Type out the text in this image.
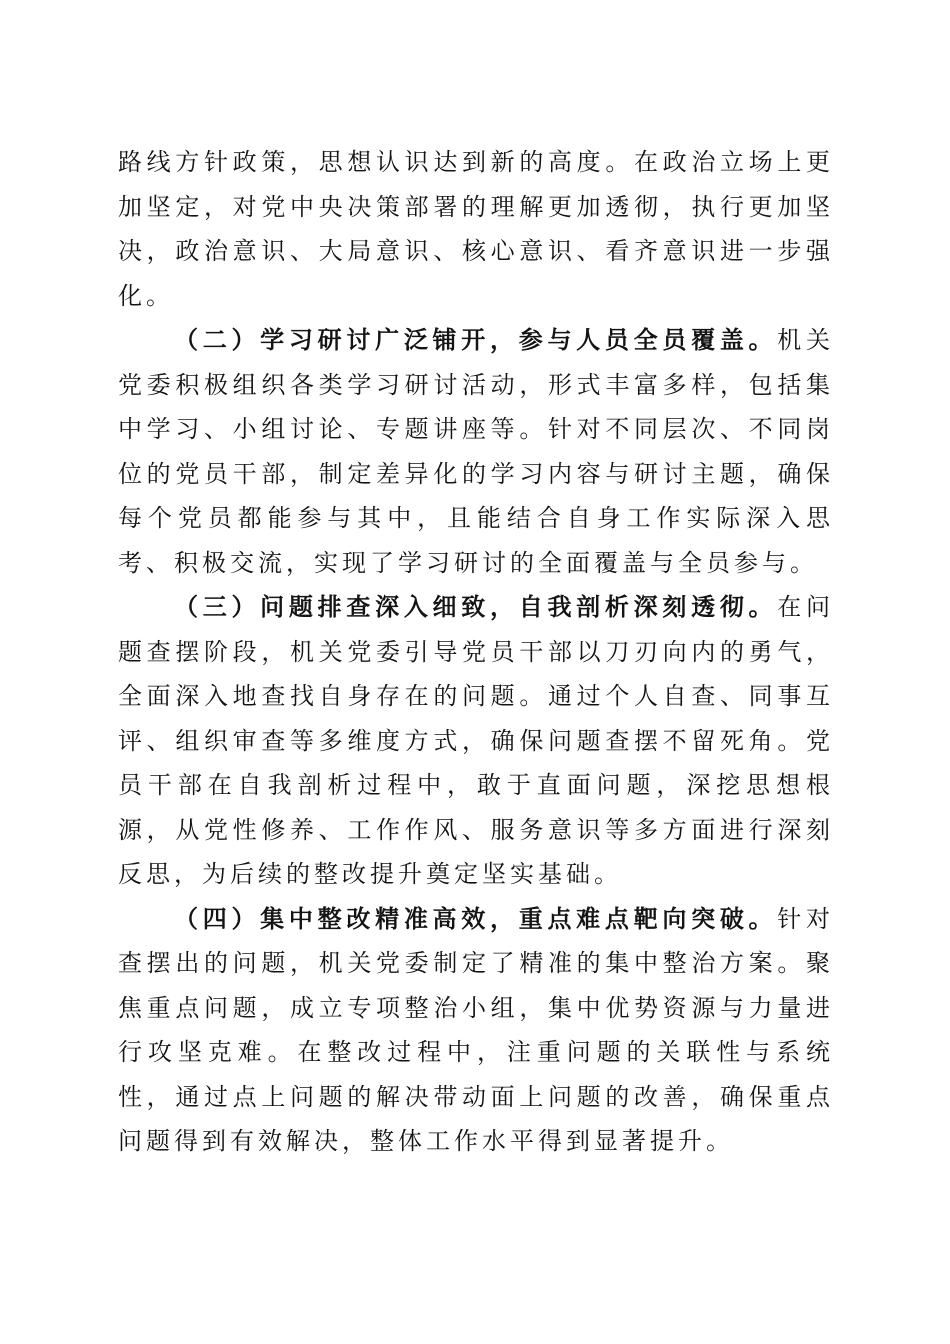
路线方针政策，思想认识达到新的高度。在政治立场上更加坚定，对党中央决策部署的理解更加透彻，执行更加坚决，政治意识、大局意识、核心意识、看齐意识进一步强化。

（二）学习研讨广泛铺开，参与人员全员覆盖。机关党委积极组织各类学习研讨活动，形式丰富多样，包括集中学习、小组讨论、专题讲座等。针对不同层次、不同岗位的党员干部，制定差异化的学习内容与研讨主题，确保每个党员都能参与其中，且能结合自身工作实际深入思考、积极交流，实现了学习研讨的全面覆盖与全员参与。

（三）问题排查深入细致，自我剖析深刻透彻。在问题查摆阶段，机关党委引导党员干部以刀刃向内的勇气，全面深入地查找自身存在的问题。通过个人自查、同事互评、组织审查等多维度方式，确保问题查摆不留死角。党员干部在自我剖析过程中，敢于直面问题，深挖思想根源，从党性修养、工作作风、服务意识等多方面进行深刻反思，为后续的整改提升奠定坚实基础。

（四）集中整改精准高效，重点难点靶向突破。针对查摆出的问题，机关党委制定了精准的集中整治方案。聚焦重点问题，成立专项整治小组，集中优势资源与力量进行攻坚克难。在整改过程中，注重问题的关联性与系统性，通过点上问题的解决带动面上问题的改善，确保重点问题得到有效解决，整体工作水平得到显著提升。
